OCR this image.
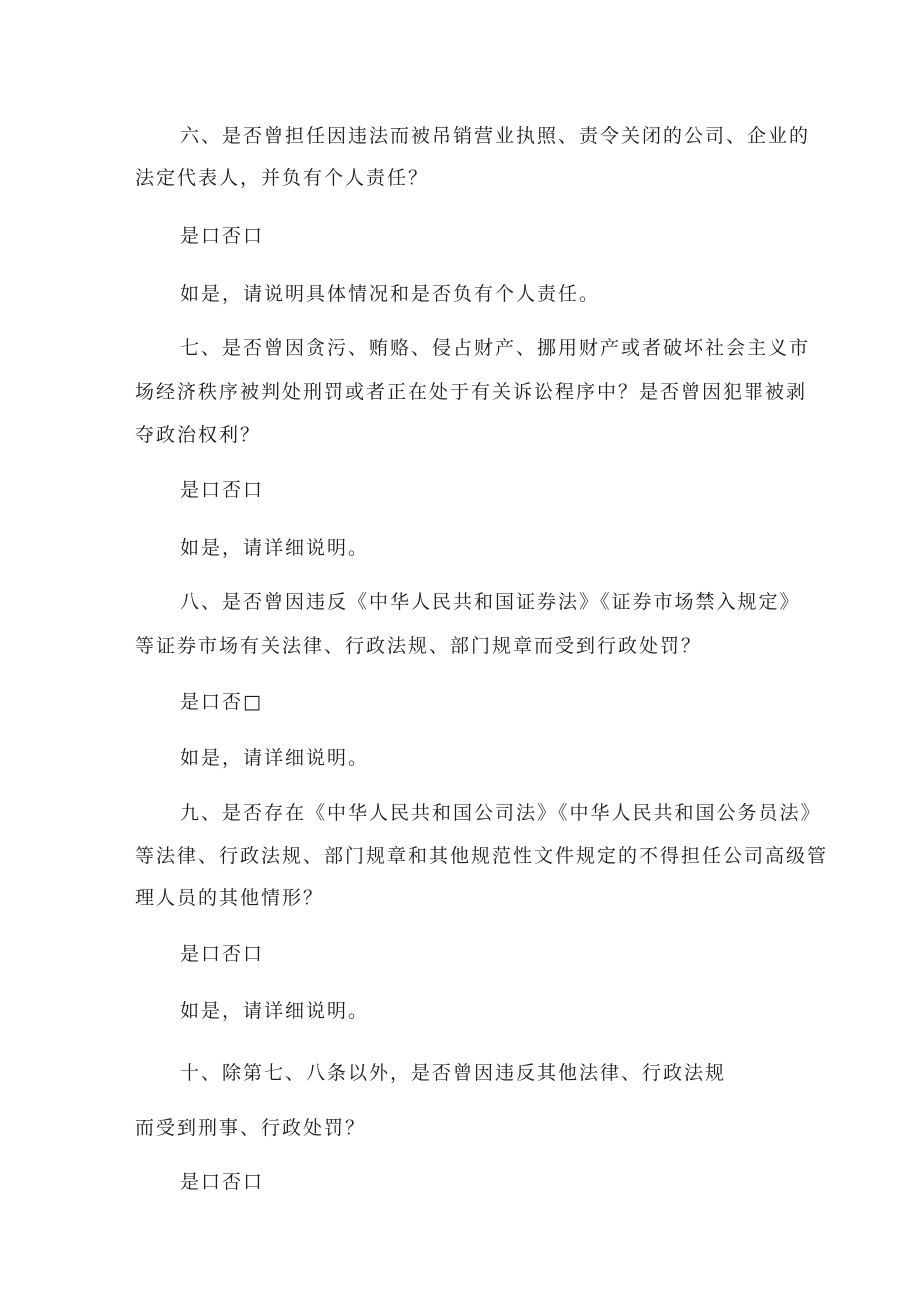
六、是否曾担任因违法而被吊销营业执照、责令关闭的公司、企业的
法定代表人，并负有个人责任？
是口否口
如是，请说明具体情况和是否负有个人责任。
七、是否曾因贪污、贿赂、侵占财产、挪用财产或者破坏社会主义市
场经济秩序被判处刑罚或者正在处于有关诉讼程序中？是否曾因犯罪被剥
夺政治权利？
是口否口
如是，请详细说明。
八、是否曾因违反《中华人民共和国证券法》《证券市场禁入规定》
等证券市场有关法律、行政法规、部门规章而受到行政处罚？
是口否□
如是，请详细说明。
九、是否存在《中华人民共和国公司法》《中华人民共和国公务员法》
等法律、行政法规、部门规章和其他规范性文件规定的不得担任公司高级管
理人员的其他情形？
是口否口
如是，请详细说明。
十、除第七、八条以外，是否曾因违反其他法律、行政法规
而受到刑事、行政处罚？
是口否口
